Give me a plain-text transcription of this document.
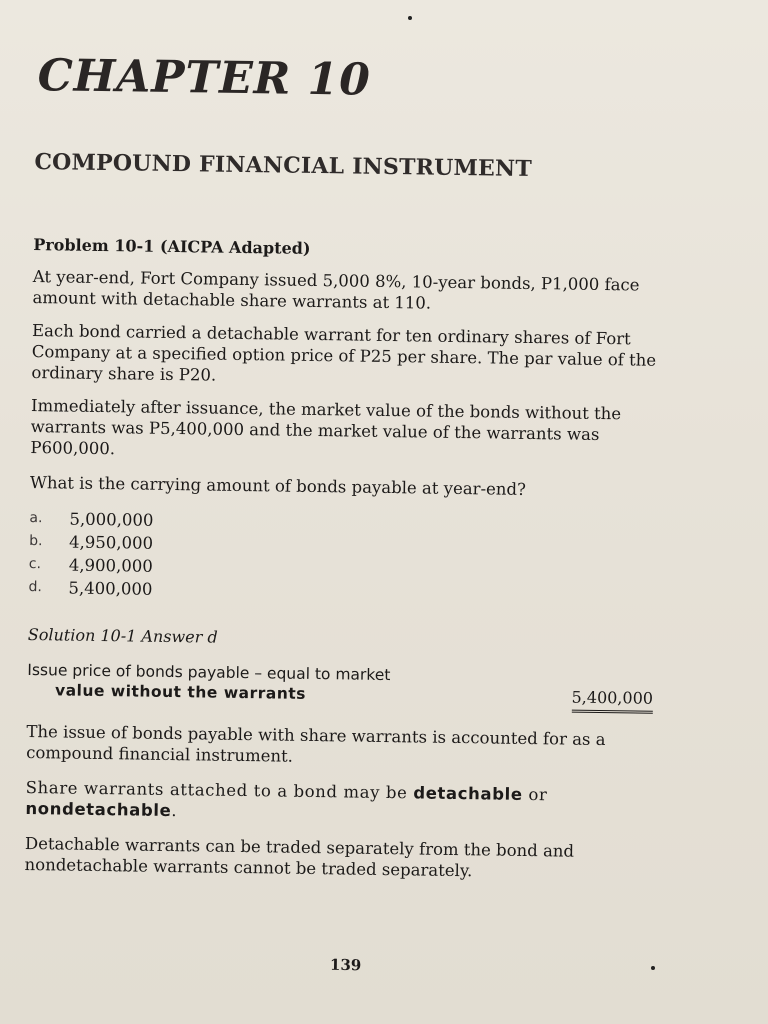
CHAPTER 10
COMPOUND FINANCIAL INSTRUMENT
Problem 10-1 (AICPA Adapted)

At year-end, Fort Company issued 5,000 8%, 10-year bonds, P1,000 face amount with detachable share warrants at 110.

Each bond carried a detachable warrant for ten ordinary shares of Fort Company at a specified option price of P25 per share. The par value of the ordinary share is P20.

Immediately after issuance, the market value of the bonds without the warrants was P5,400,000 and the market value of the warrants was P600,000.

What is the carrying amount of bonds payable at year-end?

a.	5,000,000
b.	4,950,000
c.	4,900,000
d.	5,400,000
Solution 10-1 Answer d
Issue price of bonds payable – equal to market
value without the warrants	5,400,000

The issue of bonds payable with share warrants is accounted for as a compound financial instrument.

Share warrants attached to a bond may be detachable or nondetachable.

Detachable warrants can be traded separately from the bond and nondetachable warrants cannot be traded separately.

139
